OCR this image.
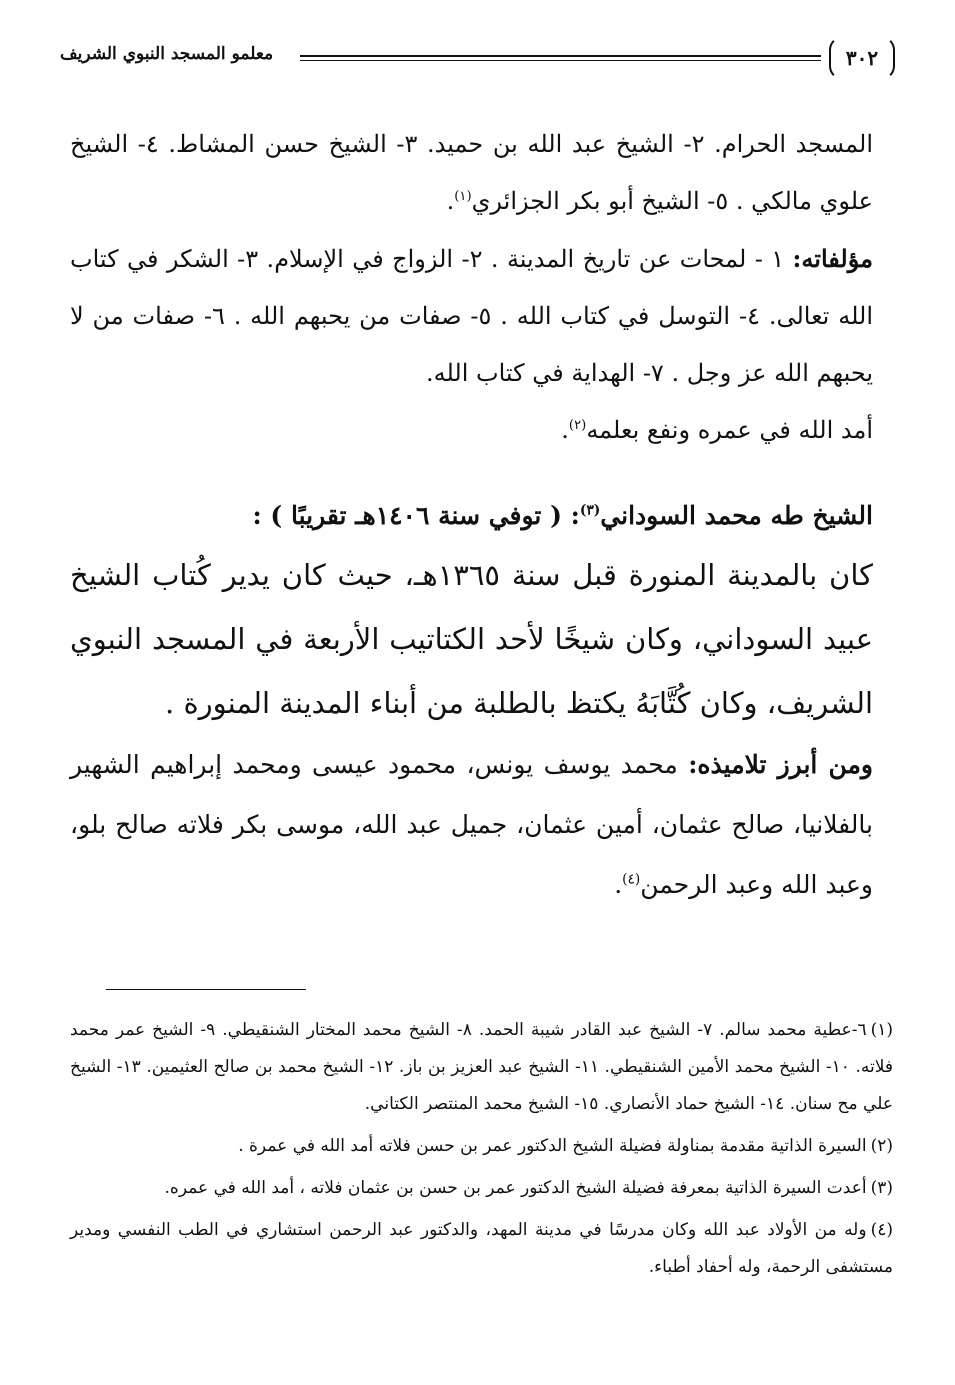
٣٠٢
معلمو المسجد النبوي الشريف

المسجد الحرام. ٢- الشيخ عبد الله بن حميد. ٣- الشيخ حسن المشاط. ٤- الشيخ علوي مالكي . ٥- الشيخ أبو بكر الجزائري$^{(١)}$.

مؤلفاته: ١ - لمحات عن تاريخ المدينة . ٢- الزواج في الإسلام. ٣- الشكر في كتاب الله تعالى. ٤- التوسل في كتاب الله . ٥- صفات من يحبهم الله . ٦- صفات من لا يحبهم الله عز وجل . ٧- الهداية في كتاب الله.

أمد الله في عمره ونفع بعلمه$^{(٢)}$.

الشيخ طه محمد السوداني$^{(٣)}$: ( توفي سنة ١٤٠٦هـ تقريبًا ) :

كان بالمدينة المنورة قبل سنة ١٣٦٥هـ، حيث كان يدير كُتاب الشيخ عبيد السوداني، وكان شيخًا لأحد الكتاتيب الأربعة في المسجد النبوي الشريف، وكان كُتَّابَهُ يكتظ بالطلبة من أبناء المدينة المنورة .

ومن أبرز تلاميذه: محمد يوسف يونس، محمود عيسى ومحمد إبراهيم الشهير بالفلانيا، صالح عثمان، أمين عثمان، جميل عبد الله، موسى بكر فلاته صالح بلو، وعبد الله وعبد الرحمن$^{(٤)}$.

(١)٦-عطية محمد سالم. ٧- الشيخ عبد القادر شيبة الحمد. ٨- الشيخ محمد المختار الشنقيطي. ٩- الشيخ عمر محمد فلاته. ١٠- الشيخ محمد الأمين الشنقيطي. ١١- الشيخ عبد العزيز بن باز. ١٢- الشيخ محمد بن صالح العثيمين. ١٣- الشيخ علي مح سنان. ١٤- الشيخ حماد الأنصاري. ١٥- الشيخ محمد المنتصر الكتاني.

(٢)السيرة الذاتية مقدمة بمناولة فضيلة الشيخ الدكتور عمر بن حسن فلاته أمد الله في عمرة .

(٣)أعدت السيرة الذاتية بمعرفة فضيلة الشيخ الدكتور عمر بن حسن بن عثمان فلاته ، أمد الله في عمره.

(٤)وله من الأولاد عبد الله وكان مدرسًا في مدينة المهد، والدكتور عبد الرحمن استشاري في الطب النفسي ومدير مستشفى الرحمة، وله أحفاد أطباء.
